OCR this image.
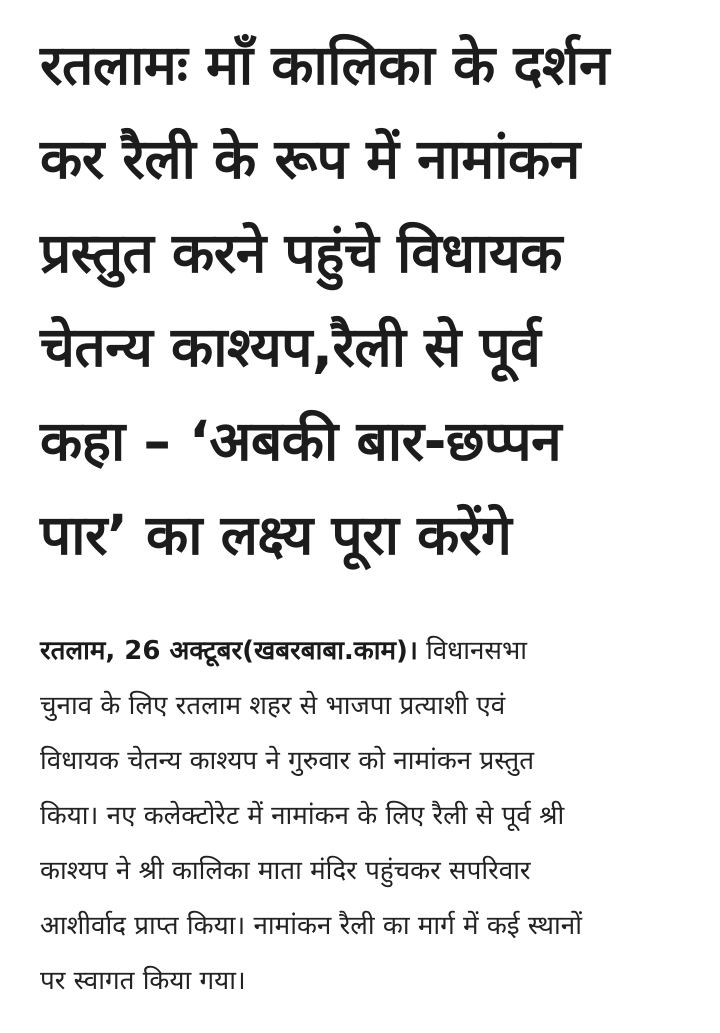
रतलामः माँ कालिका के दर्शन
कर रैली के रूप में नामांकन
प्रस्तुत करने पहुंचे विधायक
चेतन्य काश्यप,रैली से पूर्व
कहा – ‘अबकी बार-छप्पन
पार’ का लक्ष्य पूरा करेंगे

रतलाम, 26 अक्टूबर(खबरबाबा.काम)। विधानसभा
चुनाव के लिए रतलाम शहर से भाजपा प्रत्याशी एवं
विधायक चेतन्य काश्यप ने गुरुवार को नामांकन प्रस्तुत
किया। नए कलेक्टोरेट में नामांकन के लिए रैली से पूर्व श्री
काश्यप ने श्री कालिका माता मंदिर पहुंचकर सपरिवार
आशीर्वाद प्राप्त किया। नामांकन रैली का मार्ग में कई स्थानों
पर स्वागत किया गया।
